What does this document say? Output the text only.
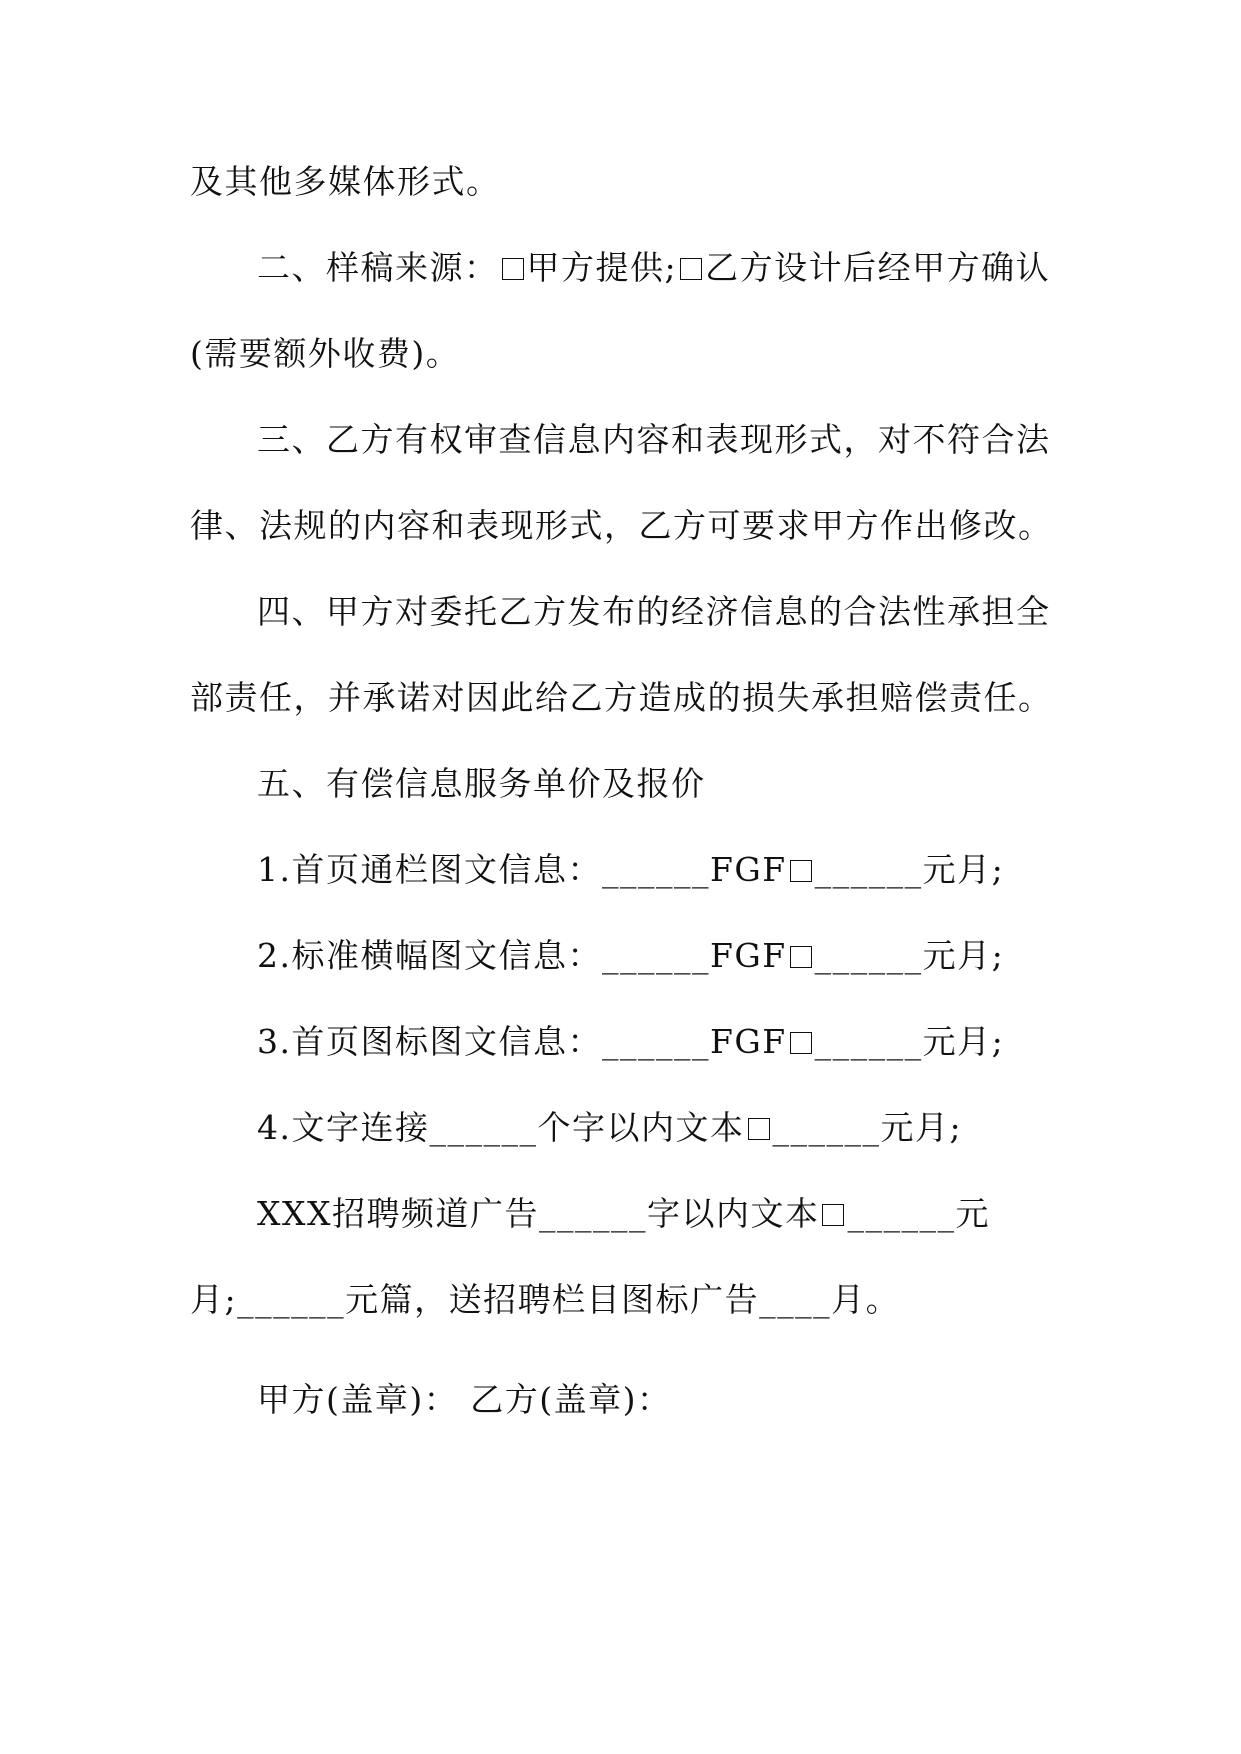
及其他多媒体形式。
二、样稿来源： 甲方提供; 乙方设计后经甲方确认
(需要额外收费)。
三、乙方有权审查信息内容和表现形式，对不符合法
律、法规的内容和表现形式，乙方可要求甲方作出修改。
四、甲方对委托乙方发布的经济信息的合法性承担全
部责任，并承诺对因此给乙方造成的损失承担赔偿责任。
五、有偿信息服务单价及报价
1.首页通栏图文信息：______FGF ______元月;
2.标准横幅图文信息：______FGF ______元月;
3.首页图标图文信息：______FGF ______元月;
4.文字连接______个字以内文本 ______元月;
XXX招聘频道广告______字以内文本 ______元
月;______元篇，送招聘栏目图标广告____月。
甲方(盖章)： 乙方(盖章)：
